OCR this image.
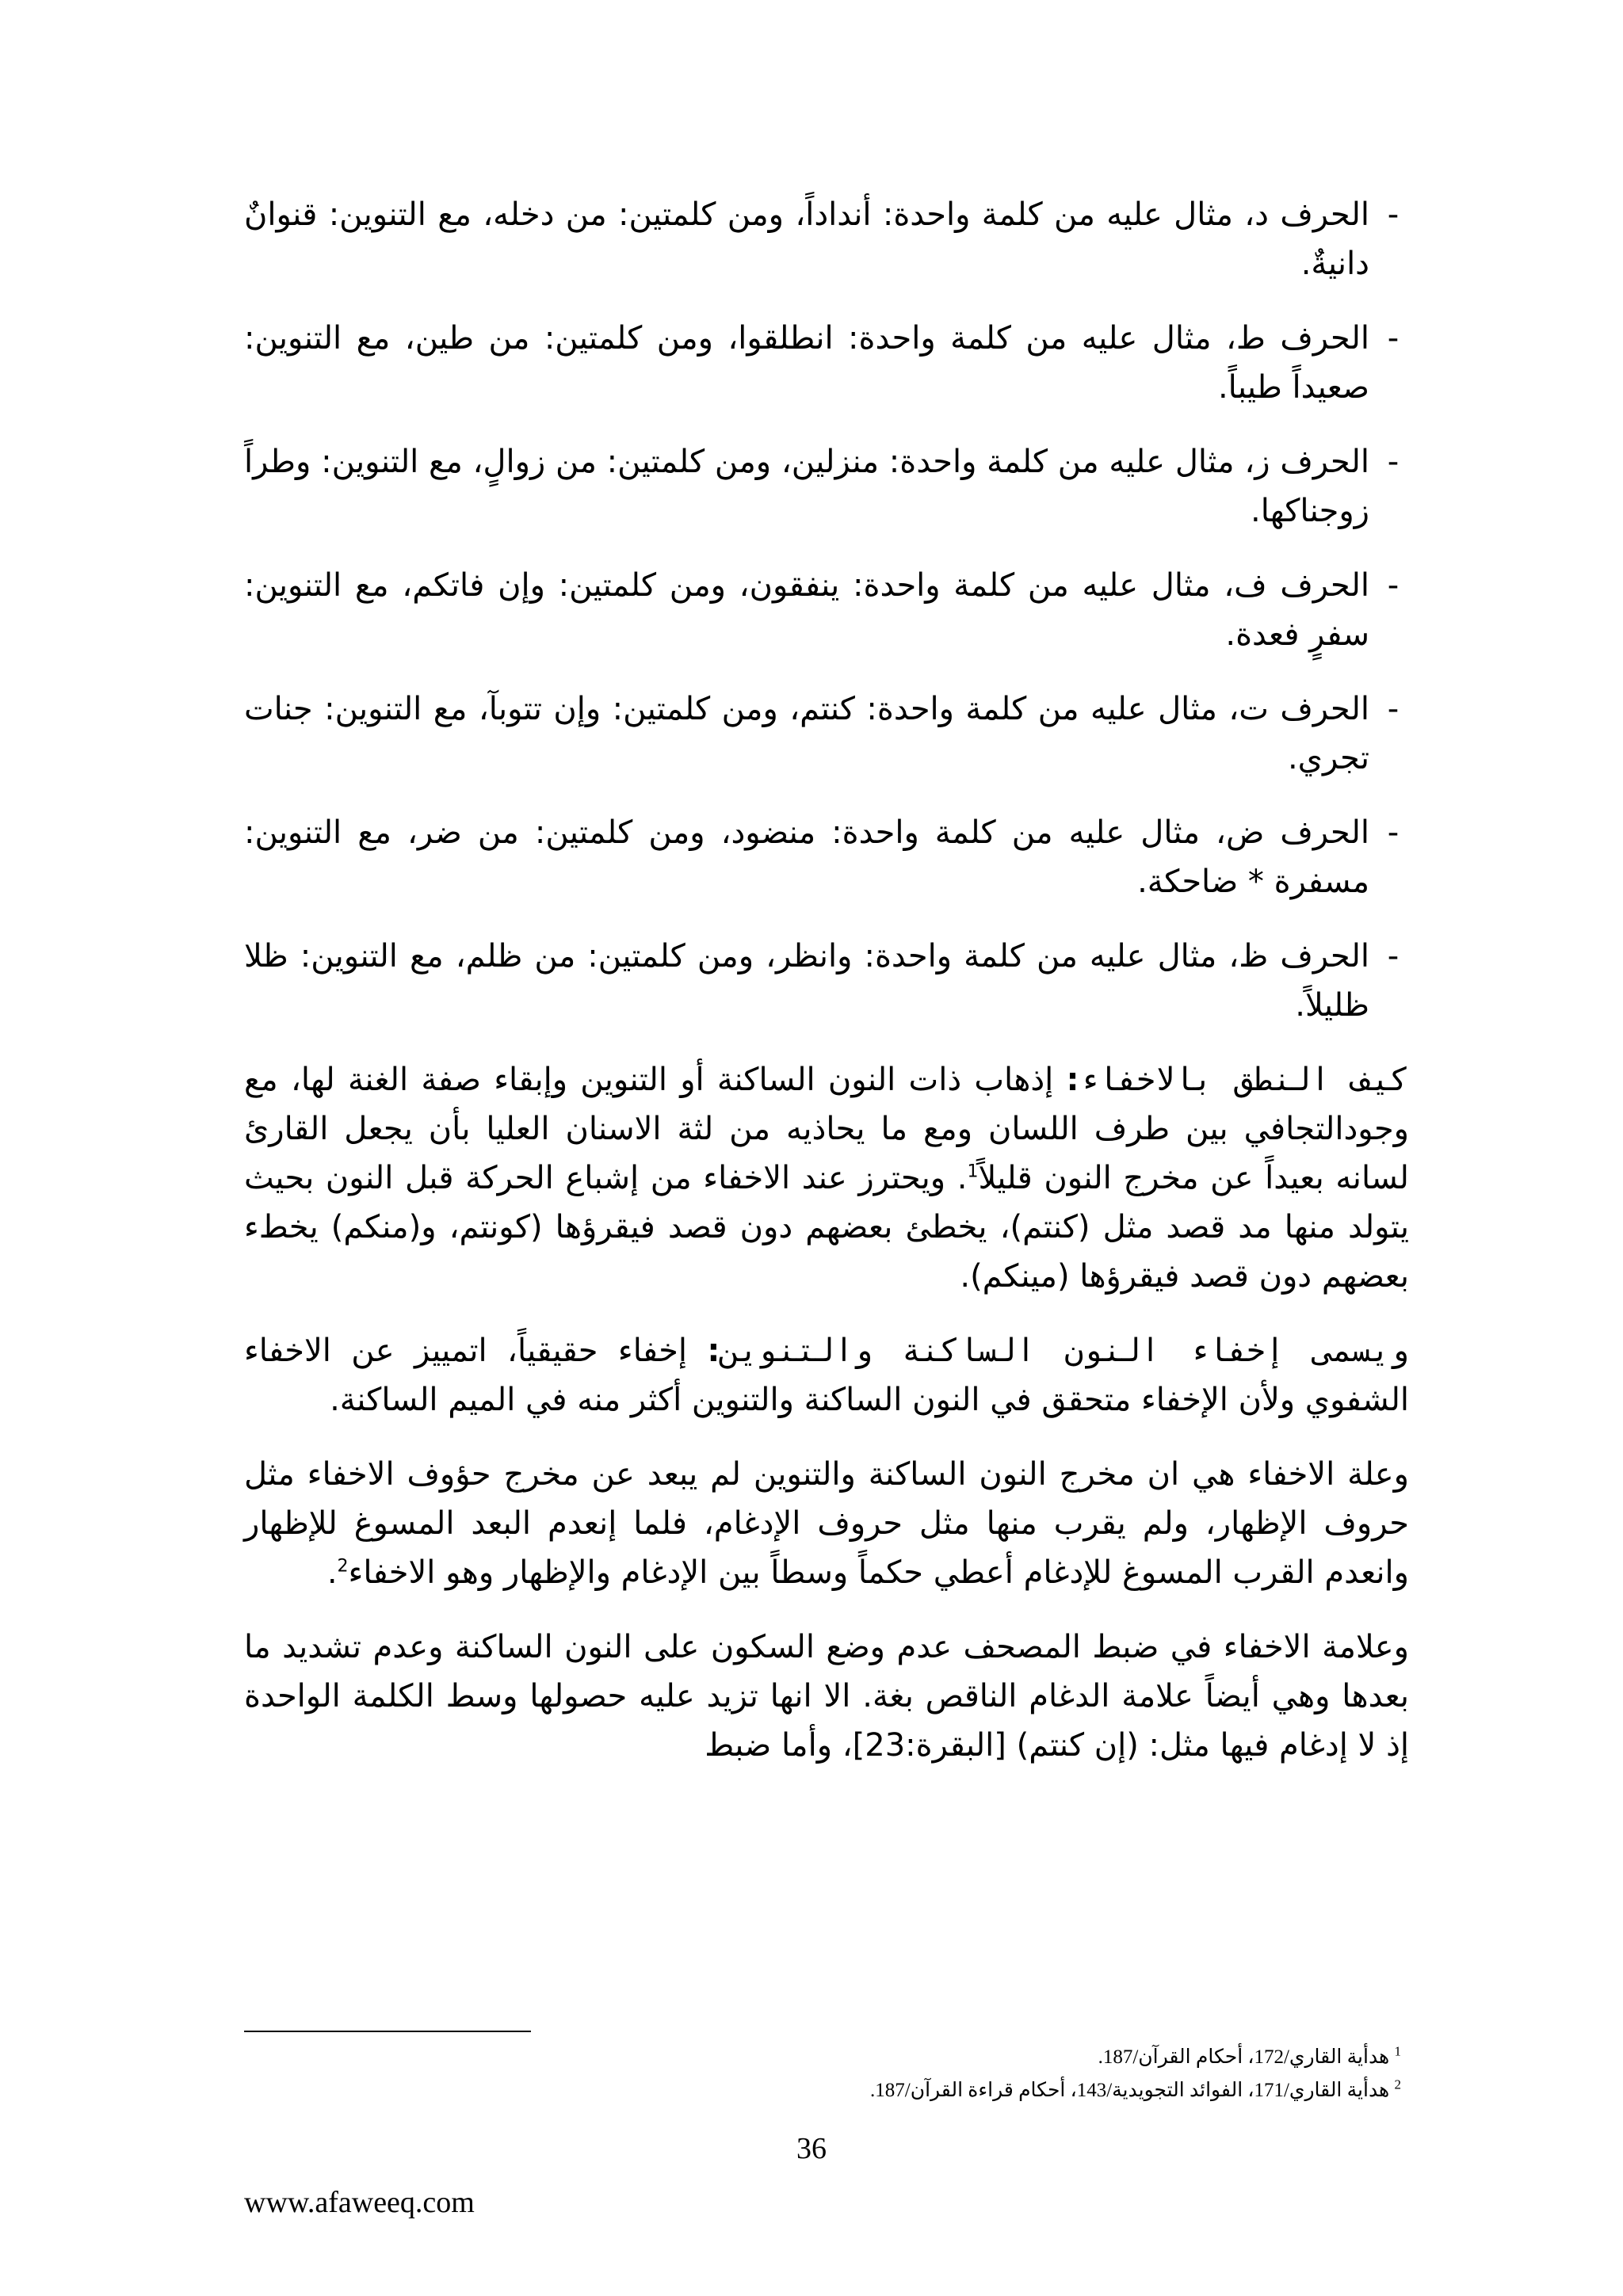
-
الحرف د، مثال عليه من كلمة واحدة: أنداداً، ومن كلمتين: من دخله، مع التنوين: قنوانٌ دانيةٌ.
-
الحرف ط، مثال عليه من كلمة واحدة: انطلقوا، ومن كلمتين: من طين، مع التنوين: صعيداً طيباً.
-
الحرف ز، مثال عليه من كلمة واحدة: منزلين، ومن كلمتين: من زوالٍ، مع التنوين: وطراً زوجناكها.
-
الحرف ف، مثال عليه من كلمة واحدة: ينفقون، ومن كلمتين: وإن فاتكم، مع التنوين: سفرٍ فعدة.
-
الحرف ت، مثال عليه من كلمة واحدة: كنتم، ومن كلمتين: وإن تتوبآ، مع التنوين: جنات تجري.
-
الحرف ض، مثال عليه من كلمة واحدة: منضود، ومن كلمتين: من ضر، مع التنوين: مسفرة * ضاحكة.
-
الحرف ظ، مثال عليه من كلمة واحدة: وانظر، ومن كلمتين: من ظلم، مع التنوين: ظلا ظليلاً.

كيف النطق بالاخفاء: إذهاب ذات النون الساكنة أو التنوين وإبقاء صفة الغنة لها، مع وجودالتجافي بين طرف اللسان ومع ما يحاذيه من لثة الاسنان العليا بأن يجعل القارئ لسانه بعيداً عن مخرج النون قليلاً$^1$. ويحترز عند الاخفاء من إشباع الحركة قبل النون بحيث يتولد منها مد قصد مثل (كنتم)، يخطئ بعضهم دون قصد فيقرؤها (كونتم، و(منكم) يخطء بعضهم دون قصد فيقرؤها (مينكم).

ويسمى إخفاء النون الساكنة والتنوين: إخفاء حقيقياً، اتمييز عن الاخفاء الشفوي ولأن الإخفاء متحقق في النون الساكنة والتنوين أكثر منه في الميم الساكنة.

وعلة الاخفاء هي ان مخرج النون الساكنة والتنوين لم يبعد عن مخرج حؤوف الاخفاء مثل حروف الإظهار، ولم يقرب منها مثل حروف الإدغام، فلما إنعدم البعد المسوغ للإظهار وانعدم القرب المسوغ للإدغام أعطي حكماً وسطاً بين الإدغام والإظهار وهو الاخفاء$^2$.

وعلامة الاخفاء في ضبط المصحف عدم وضع السكون على النون الساكنة وعدم تشديد ما بعدها وهي أيضاً علامة الدغام الناقص بغة. الا انها تزيد عليه حصولها وسط الكلمة الواحدة إذ لا إدغام فيها مثل: (إن كنتم) [البقرة:23]، وأما ضبط

$^1$ هدأية القاري/172، أحكام القرآن/187.

$^2$ هدأية القاري/171، الفوائد التجويدية/143، أحكام قراءة القرآن/187.

36
www.afaweeq.com
